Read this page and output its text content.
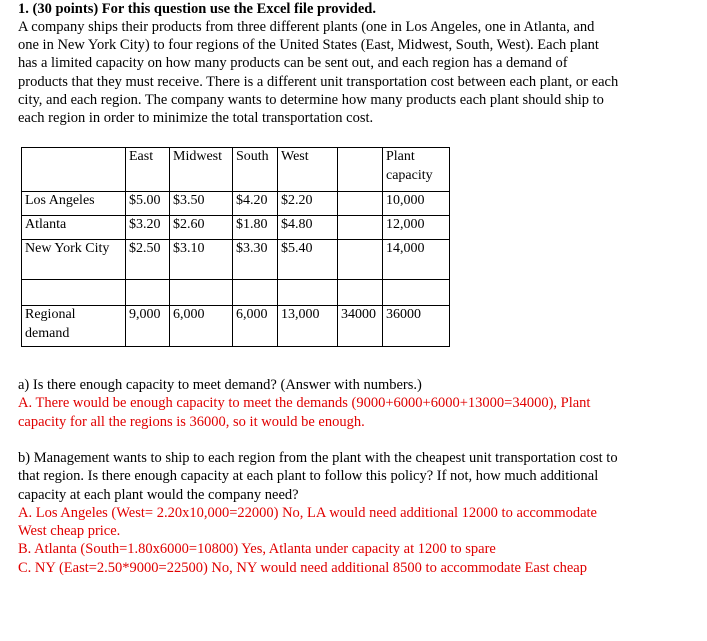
1. (30 points) For this question use the Excel file provided.
A company ships their products from three different plants (one in Los Angeles, one in Atlanta, and
one in New York City) to four regions of the United States (East, Midwest, South, West). Each plant
has a limited capacity on how many products can be sent out, and each region has a demand of
products that they must receive. There is a different unit transportation cost between each plant, or each
city, and each region. The company wants to determine how many products each plant should ship to
each region in order to minimize the total transportation cost.
	East	Midwest	South	West		Plant capacity
Los Angeles	$5.00	$3.50	$4.20	$2.20		10,000
Atlanta	$3.20	$2.60	$1.80	$4.80		12,000
New York City	$2.50	$3.10	$3.30	$5.40		14,000

Regional demand	9,000	6,000	6,000	13,000	34000	36000
a) Is there enough capacity to meet demand? (Answer with numbers.)
A. There would be enough capacity to meet the demands (9000+6000+6000+13000=34000), Plant
capacity for all the regions is 36000, so it would be enough.
b) Management wants to ship to each region from the plant with the cheapest unit transportation cost to
that region. Is there enough capacity at each plant to follow this policy? If not, how much additional
capacity at each plant would the company need?
A. Los Angeles (West= 2.20x10,000=22000) No, LA would need additional 12000 to accommodate
West cheap price.
B. Atlanta (South=1.80x6000=10800) Yes, Atlanta under capacity at 1200 to spare
C. NY (East=2.50*9000=22500) No, NY would need additional 8500 to accommodate East cheap
